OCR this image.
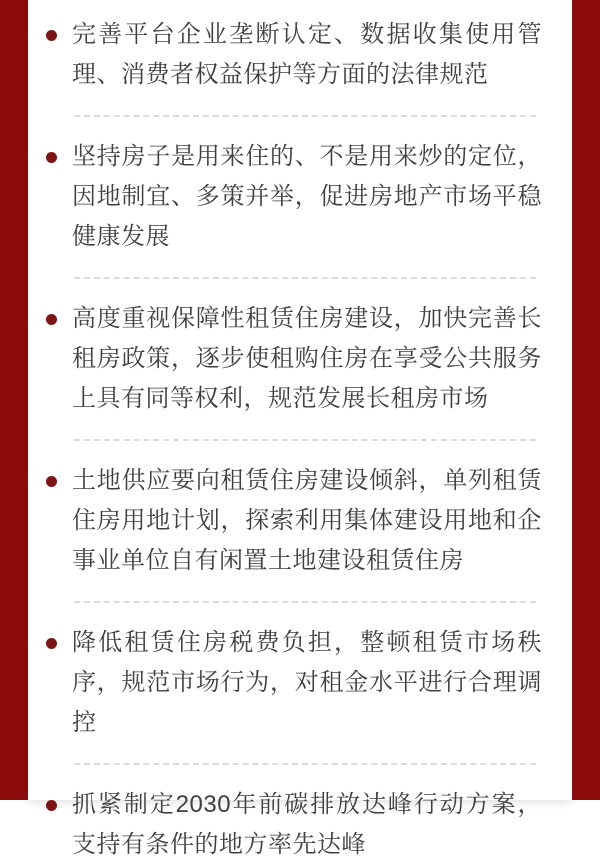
完善平台企业垄断认定、数据收集使用管理、消费者权益保护等方面的法律规范

坚持房子是用来住的、不是用来炒的定位，因地制宜、多策并举，促进房地产市场平稳健康发展

高度重视保障性租赁住房建设，加快完善长租房政策，逐步使租购住房在享受公共服务上具有同等权利，规范发展长租房市场

土地供应要向租赁住房建设倾斜，单列租赁住房用地计划，探索利用集体建设用地和企事业单位自有闲置土地建设租赁住房

降低租赁住房税费负担，整顿租赁市场秩序，规范市场行为，对租金水平进行合理调控

抓紧制定2030年前碳排放达峰行动方案，支持有条件的地方率先达峰
